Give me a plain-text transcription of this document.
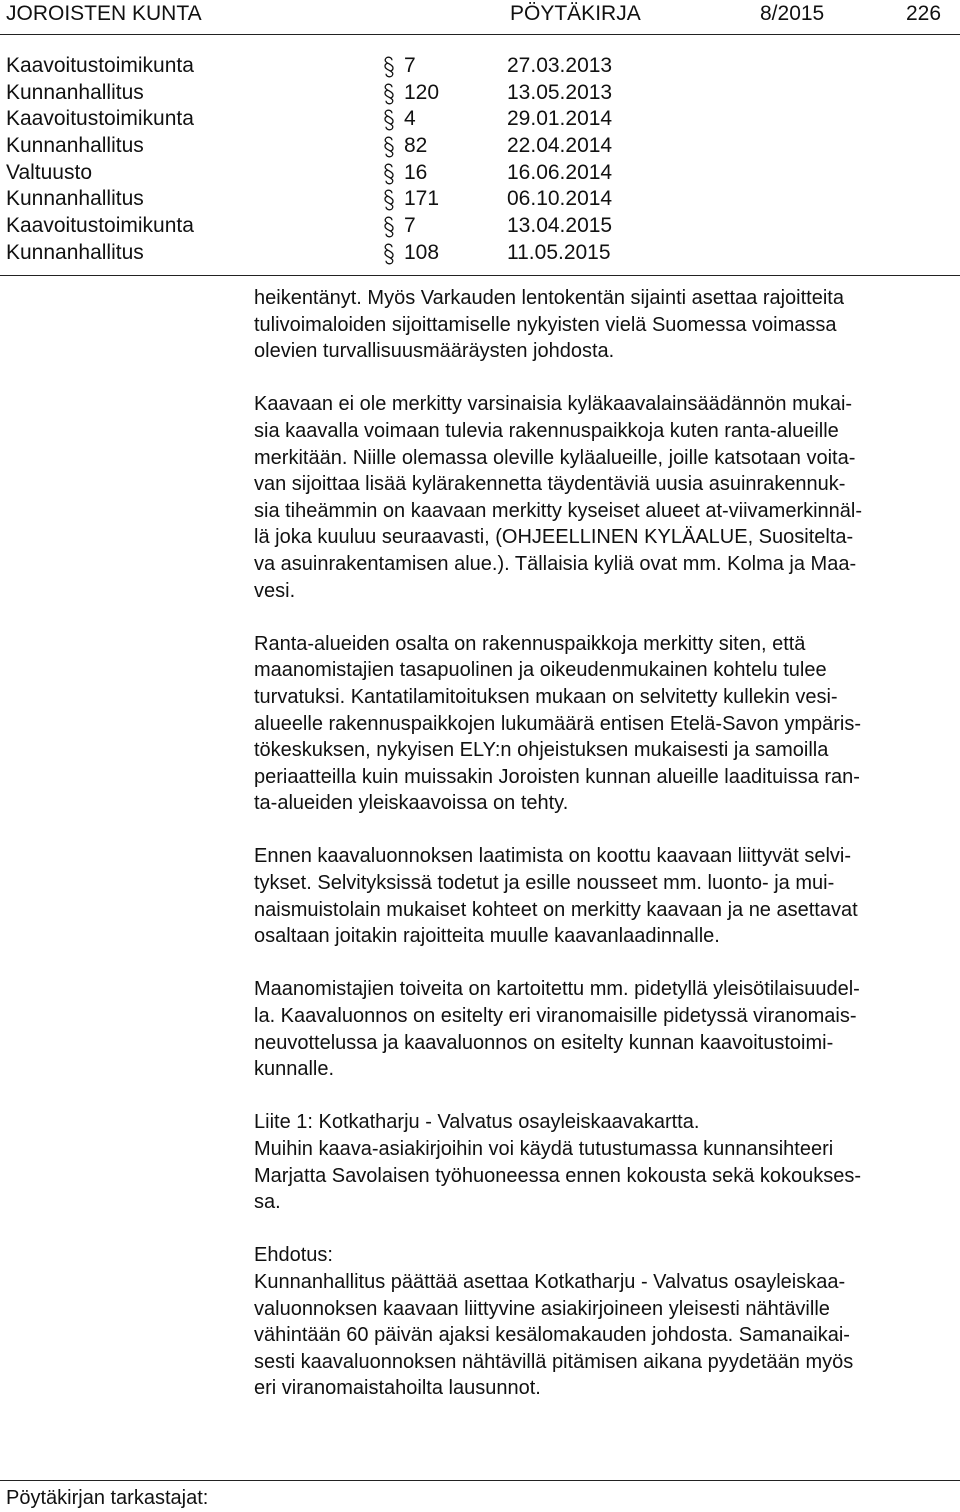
JOROISTEN KUNTA	PÖYTÄKIRJA	8/2015	226
Kaavoitustoimikunta	7	27.03.2013
Kunnanhallitus	120	13.05.2013
Kaavoitustoimikunta	4	29.01.2014
Kunnanhallitus	82	22.04.2014
Valtuusto	16	16.06.2014
Kunnanhallitus	171	06.10.2014
Kaavoitustoimikunta	7	13.04.2015
Kunnanhallitus	108	11.05.2015

heikentänyt. Myös Varkauden lentokentän sijainti asettaa rajoitteita

tulivoimaloiden sijoittamiselle nykyisten vielä Suomessa voimassa

olevien turvallisuusmääräysten johdosta.

Kaavaan ei ole merkitty varsinaisia kyläkaavalainsäädännön mukai-

sia kaavalla voimaan tulevia rakennuspaikkoja kuten ranta-alueille

merkitään. Niille olemassa oleville kyläalueille, joille katsotaan voita-

van sijoittaa lisää kylärakennetta täydentäviä uusia asuinrakennuk-

sia tiheämmin on kaavaan merkitty kyseiset alueet at-viivamerkinnäl-

lä joka kuuluu seuraavasti, (OHJEELLINEN KYLÄALUE, Suositelta-

va asuinrakentamisen alue.). Tällaisia kyliä ovat mm. Kolma ja Maa-

vesi.

Ranta-alueiden osalta on rakennuspaikkoja merkitty siten, että

maanomistajien tasapuolinen ja oikeudenmukainen kohtelu tulee

turvatuksi. Kantatilamitoituksen mukaan on selvitetty kullekin vesi-

alueelle rakennuspaikkojen lukumäärä entisen Etelä-Savon ympäris-

tökeskuksen, nykyisen ELY:n ohjeistuksen mukaisesti ja samoilla

periaatteilla kuin muissakin Joroisten kunnan alueille laadituissa ran-

ta-alueiden yleiskaavoissa on tehty.

Ennen kaavaluonnoksen laatimista on koottu kaavaan liittyvät selvi-

tykset. Selvityksissä todetut ja esille nousseet mm. luonto- ja mui-

naismuistolain mukaiset kohteet on merkitty kaavaan ja ne asettavat

osaltaan joitakin rajoitteita muulle kaavanlaadinnalle.

Maanomistajien toiveita on kartoitettu mm. pidetyllä yleisötilaisuudel-

la. Kaavaluonnos on esitelty eri viranomaisille pidetyssä viranomais-

neuvottelussa ja kaavaluonnos on esitelty kunnan kaavoitustoimi-

kunnalle.

Liite 1: Kotkatharju - Valvatus osayleiskaavakartta.

Muihin kaava-asiakirjoihin voi käydä tutustumassa kunnansihteeri

Marjatta Savolaisen työhuoneessa ennen kokousta sekä kokoukses-

sa.

Ehdotus:

Kunnanhallitus päättää asettaa Kotkatharju - Valvatus osayleiskaa-

valuonnoksen kaavaan liittyvine asiakirjoineen yleisesti nähtäville

vähintään 60 päivän ajaksi kesälomakauden johdosta. Samanaikai-

sesti kaavaluonnoksen nähtävillä pitämisen aikana pyydetään myös

eri viranomaistahoilta lausunnot.

Pöytäkirjan tarkastajat:
